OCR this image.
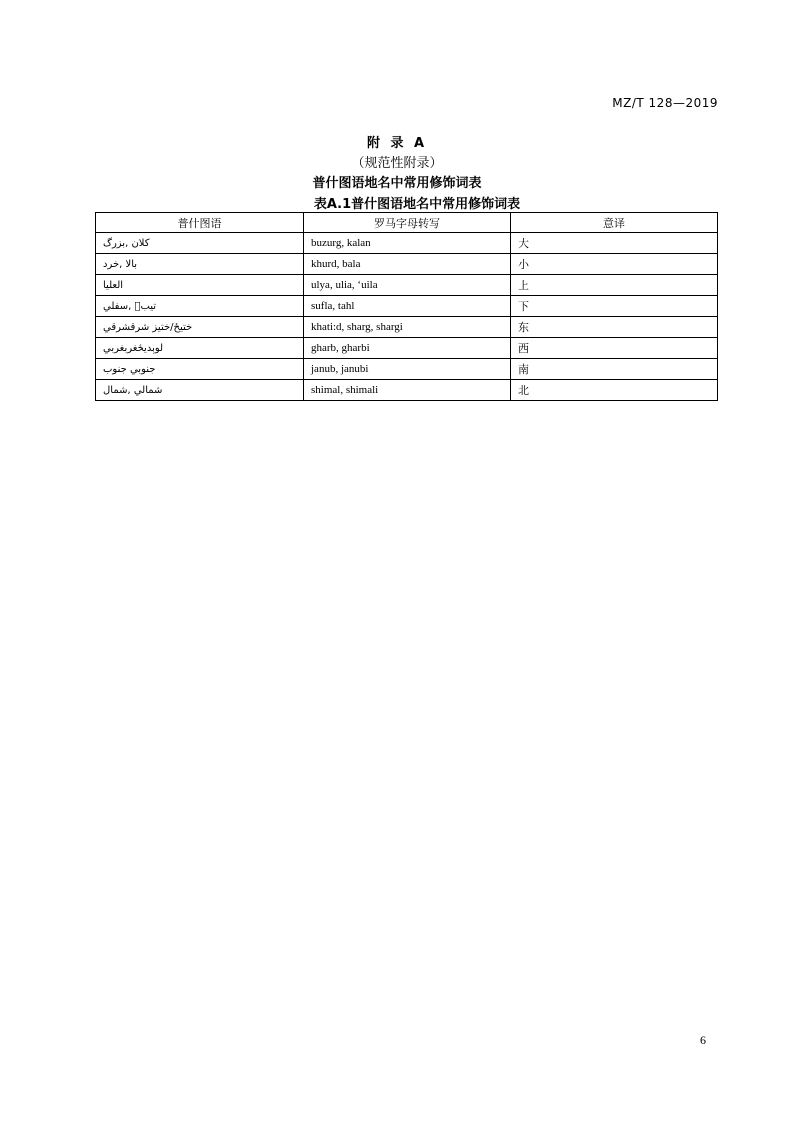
MZ/T 128—2019
附 录 A
（规范性附录）
普什图语地名中常用修饰词表
表A.1普什图语地名中常用修饰词表
普什图语	罗马字母转写	意译
كلان ,بزرگ	buzurg, kalan	大
بالا ,خرد	khurd, bala	小
العليا	ulya, ulia, ‘uila	上
تيبٙ ,سفلي	sufla, tahl	下
ختيځ/ختيز شرقشرقي	khati:d, sharg, shargi	东
لوېديځغربغربي	gharb, gharbi	西
جنوبي جنوب	janub, janubi	南
شمالي ,شمال	shimal, shimali	北
6
